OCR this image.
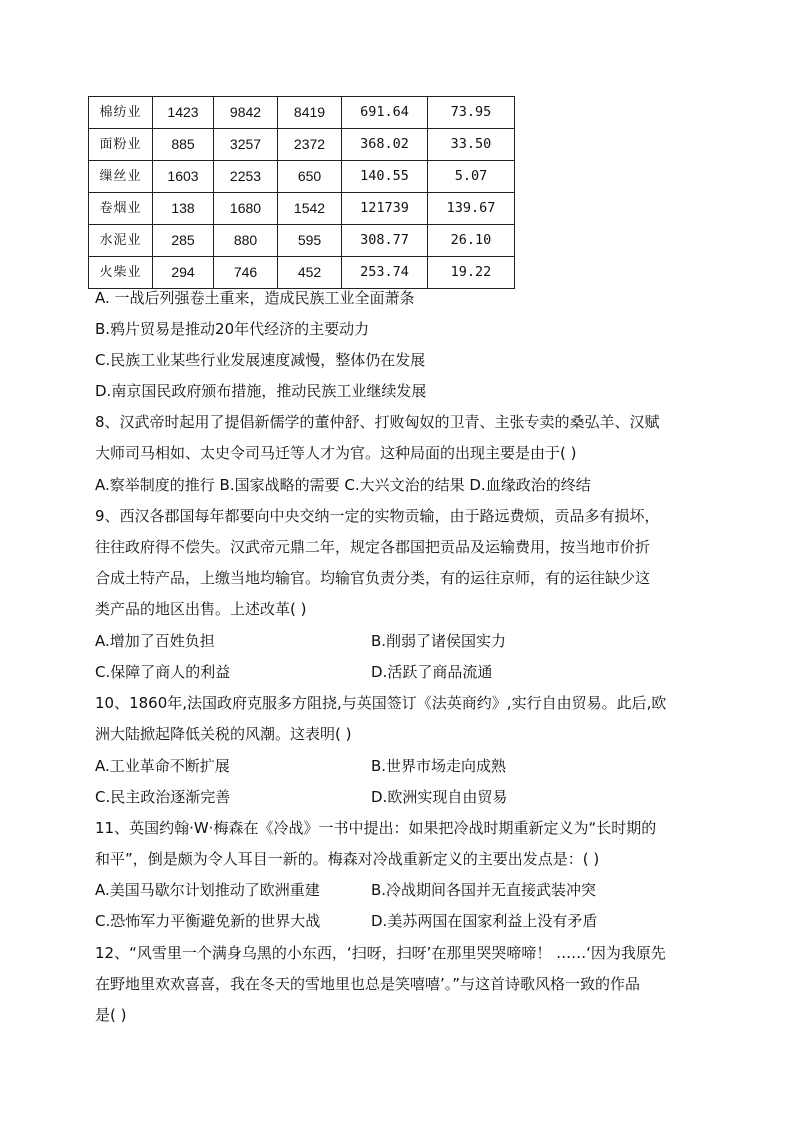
棉纺业	1423	9842	8419	691.64	73.95
面粉业	885	3257	2372	368.02	33.50
缫丝业	1603	2253	650	140.55	5.07
卷烟业	138	1680	1542	121739	139.67
水泥业	285	880	595	308.77	26.10
火柴业	294	746	452	253.74	19.22
A. 一战后列强卷土重来，造成民族工业全面萧条
B.鸦片贸易是推动20年代经济的主要动力
C.民族工业某些行业发展速度减慢，整体仍在发展
D.南京国民政府颁布措施，推动民族工业继续发展
8、汉武帝时起用了提倡新儒学的董仲舒、打败匈奴的卫青、主张专卖的桑弘羊、汉赋
大师司马相如、太史令司马迁等人才为官。这种局面的出现主要是由于( )
A.察举制度的推行 B.国家战略的需要 C.大兴文治的结果 D.血缘政治的终结
9、西汉各郡国每年都要向中央交纳一定的实物贡输，由于路远费烦，贡品多有损坏，
往往政府得不偿失。汉武帝元鼎二年，规定各郡国把贡品及运输费用，按当地市价折
合成土特产品，上缴当地均输官。均输官负责分类，有的运往京师，有的运往缺少这
类产品的地区出售。上述改革( )
A.增加了百姓负担	B.削弱了诸侯国实力
C.保障了商人的利益	D.活跃了商品流通
10、1860年,法国政府克服多方阻挠,与英国签订《法英商约》,实行自由贸易。此后,欧
洲大陆掀起降低关税的风潮。这表明( )
A.工业革命不断扩展	B.世界市场走向成熟
C.民主政治逐渐完善	D.欧洲实现自由贸易
11、英国约翰·W·梅森在《冷战》一书中提出：如果把冷战时期重新定义为“长时期的
和平”，倒是颇为令人耳目一新的。梅森对冷战重新定义的主要出发点是：( )
A.美国马歇尔计划推动了欧洲重建	B.冷战期间各国并无直接武装冲突
C.恐怖军力平衡避免新的世界大战	D.美苏两国在国家利益上没有矛盾
12、“风雪里一个满身乌黑的小东西，‘扫呀，扫呀’在那里哭哭啼啼！ ……‘因为我原先
在野地里欢欢喜喜，我在冬天的雪地里也总是笑嘻嘻’。”与这首诗歌风格一致的作品
是( )
